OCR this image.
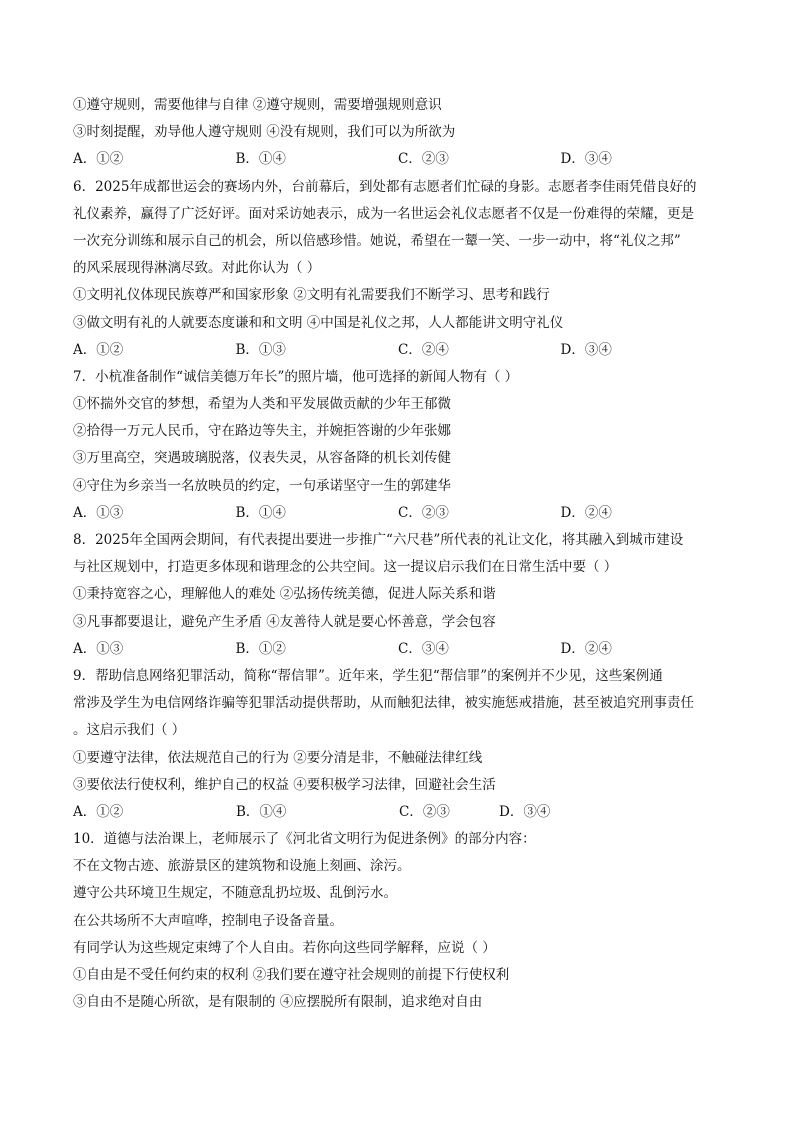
①遵守规则，需要他律与自律 ②遵守规则，需要增强规则意识
③时刻提醒，劝导他人遵守规则 ④没有规则，我们可以为所欲为
A．①②	B．①④	C．②③	D．③④
6．2025年成都世运会的赛场内外，台前幕后，到处都有志愿者们忙碌的身影。志愿者李佳雨凭借良好的
礼仪素养，赢得了广泛好评。面对采访她表示，成为一名世运会礼仪志愿者不仅是一份难得的荣耀，更是
一次充分训练和展示自己的机会，所以倍感珍惜。她说，希望在一颦一笑、一步一动中，将“礼仪之邦”
的风采展现得淋漓尽致。对此你认为（ ）
①文明礼仪体现民族尊严和国家形象 ②文明有礼需要我们不断学习、思考和践行
③做文明有礼的人就要态度谦和和文明 ④中国是礼仪之邦，人人都能讲文明守礼仪
A．①②	B．①③	C．②④	D．③④
7．小杭准备制作“诚信美德万年长”的照片墙，他可选择的新闻人物有（ ）
①怀揣外交官的梦想，希望为人类和平发展做贡献的少年王郁微
②拾得一万元人民币，守在路边等失主，并婉拒答谢的少年张娜
③万里高空，突遇玻璃脱落，仪表失灵，从容备降的机长刘传健
④守住为乡亲当一名放映员的约定，一句承诺坚守一生的郭建华
A．①③	B．①④	C．②③	D．②④
8．2025年全国两会期间，有代表提出要进一步推广“六尺巷”所代表的礼让文化，将其融入到城市建设
与社区规划中，打造更多体现和谐理念的公共空间。这一提议启示我们在日常生活中要（ ）
①秉持宽容之心，理解他人的难处 ②弘扬传统美德，促进人际关系和谐
③凡事都要退让，避免产生矛盾 ④友善待人就是要心怀善意，学会包容
A．①③	B．①②	C．③④	D．②④
9．帮助信息网络犯罪活动，简称“帮信罪”。近年来，学生犯“帮信罪”的案例并不少见，这些案例通
常涉及学生为电信网络诈骗等犯罪活动提供帮助，从而触犯法律，被实施惩戒措施，甚至被追究刑事责任
。这启示我们（ ）
①要遵守法律，依法规范自己的行为 ②要分清是非，不触碰法律红线
③要依法行使权利，维护自己的权益 ④要积极学习法律，回避社会生活
A．①②	B．①④	C．②③	D．③④
10．道德与法治课上，老师展示了《河北省文明行为促进条例》的部分内容：
不在文物古迹、旅游景区的建筑物和设施上刻画、涂污。
遵守公共环境卫生规定，不随意乱扔垃圾、乱倒污水。
在公共场所不大声喧哗，控制电子设备音量。
有同学认为这些规定束缚了个人自由。若你向这些同学解释，应说（ ）
①自由是不受任何约束的权利 ②我们要在遵守社会规则的前提下行使权利
③自由不是随心所欲，是有限制的 ④应摆脱所有限制，追求绝对自由
